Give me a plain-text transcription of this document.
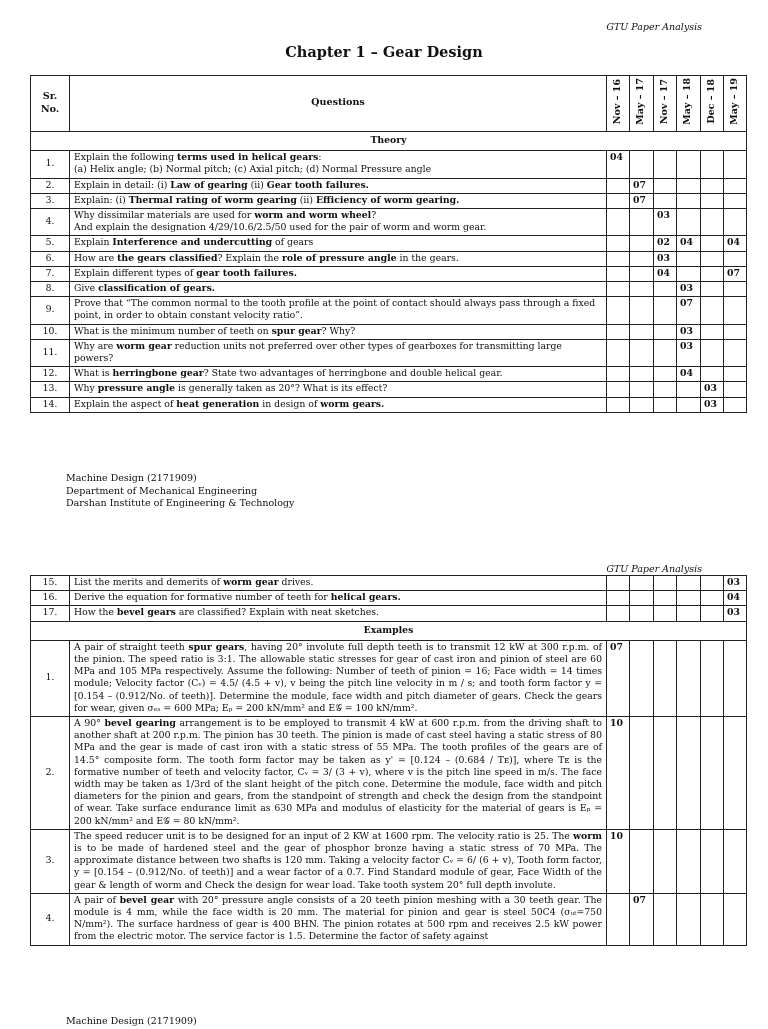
GTU Paper Analysis
Chapter 1 – Gear Design
Sr. No.	Questions	Nov – 16	May – 17	Nov – 17	May – 18	Dec – 18	May – 19
Theory							
1.	Explain the following terms used in helical gears:
(a) Helix angle; (b) Normal pitch; (c) Axial pitch; (d) Normal Pressure angle	04					
2.	Explain in detail: (i) Law of gearing (ii) Gear tooth failures.		07				
3.	Explain: (i) Thermal rating of worm gearing (ii) Efficiency of worm gearing.		07				
4.	Why dissimilar materials are used for worm and worm wheel?
And explain the designation 4/29/10.6/2.5/50 used for the pair of worm and worm gear.			03			
5.	Explain Interference and undercutting of gears			02	04		04
6.	How are the gears classified? Explain the role of pressure angle in the gears.			03			
7.	Explain different types of gear tooth failures.			04			07
8.	Give classification of gears.				03		
9.	Prove that “The common normal to the tooth profile at the point of contact should always pass through a fixed point, in order to obtain constant velocity ratio”.				07		
10.	What is the minimum number of teeth on spur gear? Why?				03		
11.	Why are worm gear reduction units not preferred over other types of gearboxes for transmitting large powers?				03		
12.	What is herringbone gear? State two advantages of herringbone and double helical gear.				04		
13.	Why pressure angle is generally taken as 20°? What is its effect?					03	
14.	Explain the aspect of heat generation in design of worm gears.					03	
Machine Design (2171909)
Department of Mechanical Engineering
Darshan Institute of Engineering & Technology
GTU Paper Analysis
15.	List the merits and demerits of worm gear drives.						03
16.	Derive the equation for formative number of teeth for helical gears.						04
17.	How the bevel gears are classified? Explain with neat sketches.						03
Examples							
1.	A pair of straight teeth spur gears, having 20° involute full depth teeth is to transmit 12 kW at 300 r.p.m. of the pinion. The speed ratio is 3:1. The allowable static stresses for gear of cast iron and pinion of steel are 60 MPa and 105 MPa respectively. Assume the following: Number of teeth of pinion = 16; Face width = 14 times module; Velocity factor (Cᵥ) = 4.5/ (4.5 + v), v being the pitch line velocity in m / s; and tooth form factor y = [0.154 – (0.912/No. of teeth)]. Determine the module, face width and pitch diameter of gears. Check the gears for wear, given σₑₛ = 600 MPa; Eₚ = 200 kN/mm² and E𝒢 = 100 kN/mm².	07					
2.	A 90° bevel gearing arrangement is to be employed to transmit 4 kW at 600 r.p.m. from the driving shaft to another shaft at 200 r.p.m. The pinion has 30 teeth. The pinion is made of cast steel having a static stress of 80 MPa and the gear is made of cast iron with a static stress of 55 MPa. The tooth profiles of the gears are of 14.5° composite form. The tooth form factor may be taken as y' = [0.124 – (0.684 / Tᴇ)], where Tᴇ is the formative number of teeth and velocity factor, Cᵥ = 3/ (3 + v), where v is the pitch line speed in m/s. The face width may be taken as 1/3rd of the slant height of the pitch cone. Determine the module, face width and pitch diameters for the pinion and gears, from the standpoint of strength and check the design from the standpoint of wear. Take surface endurance limit as 630 MPa and modulus of elasticity for the material of gears is Eₚ = 200 kN/mm² and E𝒢 = 80 kN/mm².	10					
3.	The speed reducer unit is to be designed for an input of 2 KW at 1600 rpm. The velocity ratio is 25. The worm is to be made of hardened steel and the gear of phosphor bronze having a static stress of 70 MPa. The approximate distance between two shafts is 120 mm. Taking a velocity factor Cᵥ = 6/ (6 + v), Tooth form factor, y = [0.154 – (0.912/No. of teeth)] and a wear factor of a 0.7. Find Standard module of gear, Face Width of the gear & length of worm and Check the design for wear load. Take tooth system 20° full depth involute.	10					
4.	A pair of bevel gear with 20° pressure angle consists of a 20 teeth pinion meshing with a 30 teeth gear. The module is 4 mm, while the face width is 20 mm. The material for pinion and gear is steel 50C4 (σᵤₜ=750 N/mm²). The surface hardness of gear is 400 BHN. The pinion rotates at 500 rpm and receives 2.5 kW power from the electric motor. The service factor is 1.5. Determine the factor of safety against		07				
Machine Design (2171909)
